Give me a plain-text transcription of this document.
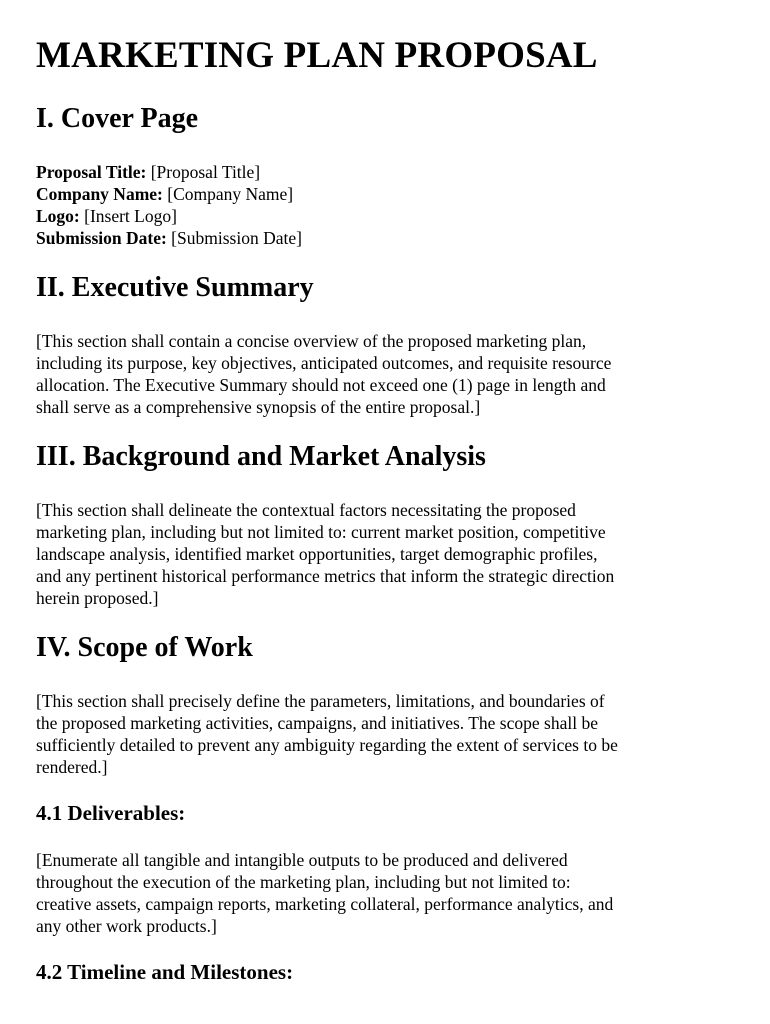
MARKETING PLAN PROPOSAL
I. Cover Page
Proposal Title: [Proposal Title]
Company Name: [Company Name]
Logo: [Insert Logo]
Submission Date: [Submission Date]
II. Executive Summary
[This section shall contain a concise overview of the proposed marketing plan,
including its purpose, key objectives, anticipated outcomes, and requisite resource
allocation. The Executive Summary should not exceed one (1) page in length and
shall serve as a comprehensive synopsis of the entire proposal.]
III. Background and Market Analysis
[This section shall delineate the contextual factors necessitating the proposed
marketing plan, including but not limited to: current market position, competitive
landscape analysis, identified market opportunities, target demographic profiles,
and any pertinent historical performance metrics that inform the strategic direction
herein proposed.]
IV. Scope of Work
[This section shall precisely define the parameters, limitations, and boundaries of
the proposed marketing activities, campaigns, and initiatives. The scope shall be
sufficiently detailed to prevent any ambiguity regarding the extent of services to be
rendered.]
4.1 Deliverables:
[Enumerate all tangible and intangible outputs to be produced and delivered
throughout the execution of the marketing plan, including but not limited to:
creative assets, campaign reports, marketing collateral, performance analytics, and
any other work products.]
4.2 Timeline and Milestones:
